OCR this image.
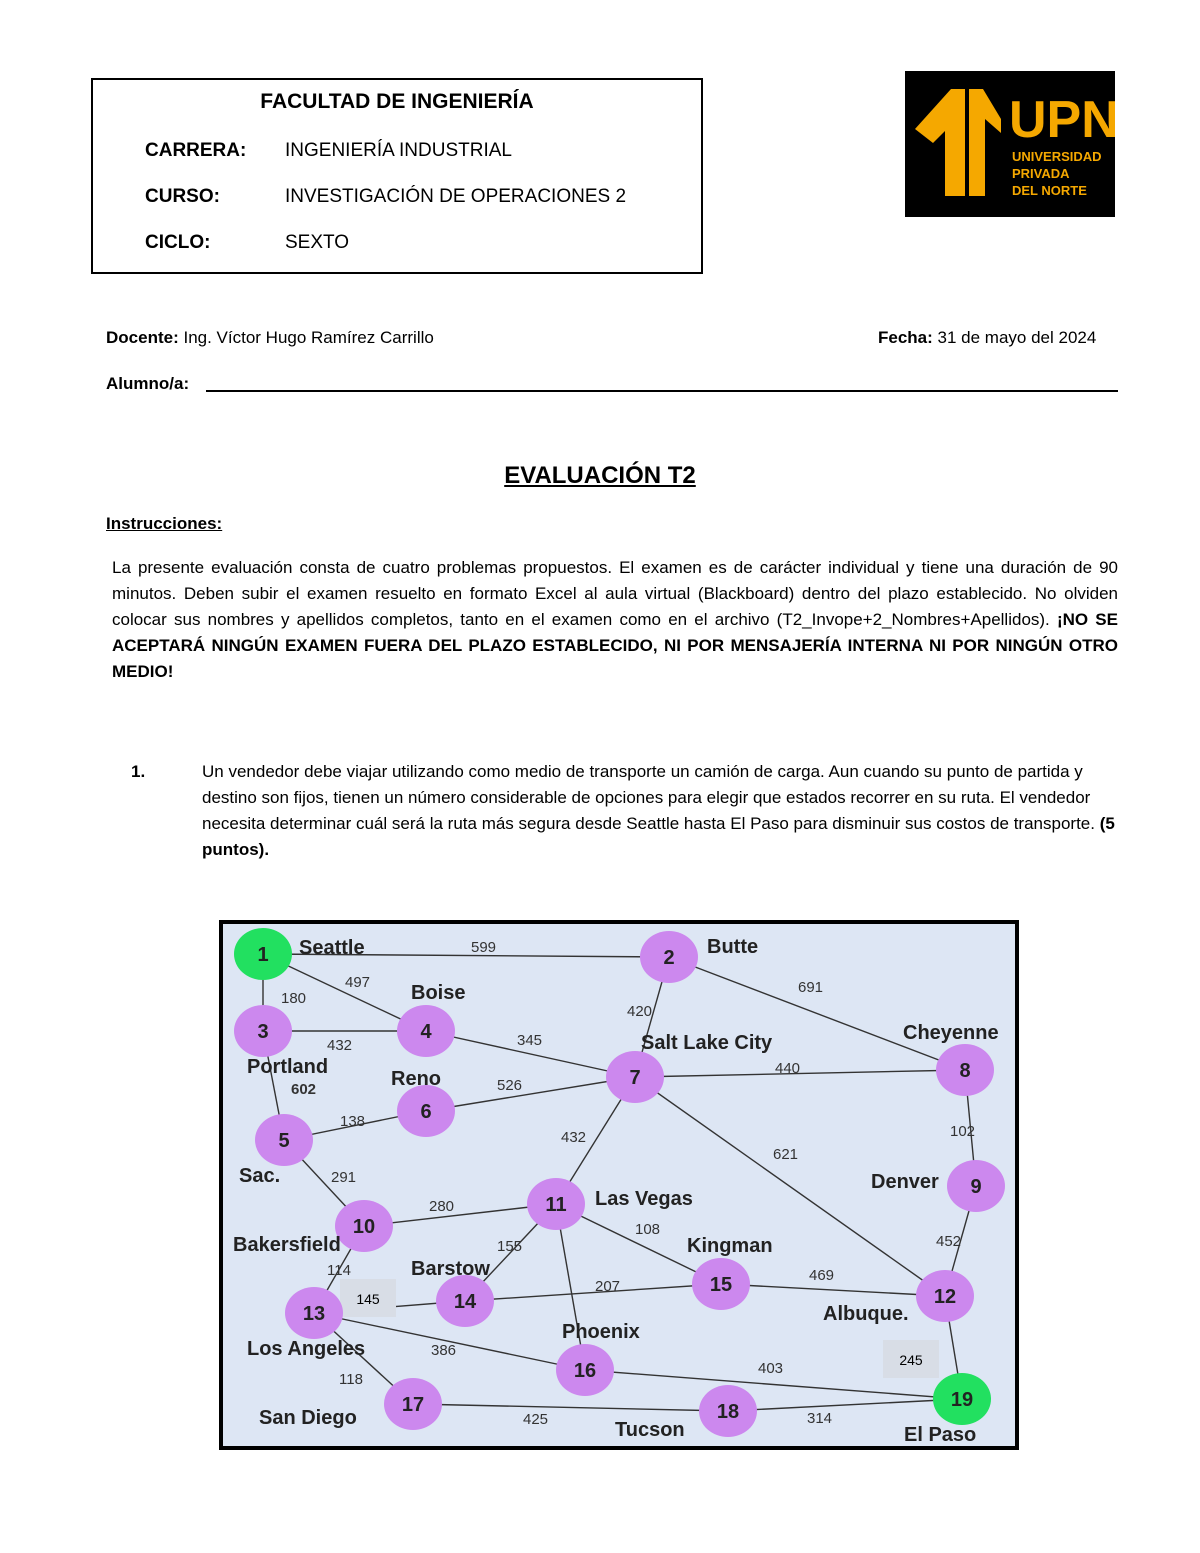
FACULTAD DE INGENIERÍA
CARRERA: INGENIERÍA INDUSTRIAL
CURSO:	INVESTIGACIÓN DE OPERACIONES 2
CICLO:	SEXTO
UPN
UNIVERSIDAD
PRIVADA
DEL NORTE
Docente: Ing. Víctor Hugo Ramírez Carrillo	Fecha: 31 de mayo del 2024
Alumno/a:
EVALUACIÓN T2
Instrucciones:
La presente evaluación consta de cuatro problemas propuestos. El examen es de carácter individual y tiene una duración de 90 minutos. Deben subir el examen resuelto en formato Excel al aula virtual (Blackboard) dentro del plazo establecido. No olviden colocar sus nombres y apellidos completos, tanto en el examen como en el archivo (T2_Invope+2_Nombres+Apellidos). ¡NO SE ACEPTARÁ NINGÚN EXAMEN FUERA DEL PLAZO ESTABLECIDO, NI POR MENSAJERÍA INTERNA NI POR NINGÚN OTRO MEDIO!
1.	Un vendedor debe viajar utilizando como medio de transporte un camión de carga. Aun cuando su punto de partida y destino son fijos, tienen un número considerable de opciones para elegir que estados recorrer en su ruta. El vendedor necesita determinar cuál será la ruta más segura desde Seattle hasta El Paso para disminuir sus costos de transporte. (5 puntos).
599
180
497
432
602
420
691
345
526
138
440
102
621
432
291
280
108
155	452
114
145
207
469
245
386
118
403
425	314
1 Seattle	2 Butte
3
Portland
4
Boise
5
Sac.
6
Reno	7
Salt Lake City
8
Cheyenne
9
Denver
10
Bakersfield
11 Las Vegas
12
Albuque.
13
Los Angeles
14
Barstow
15
Kingman
16
Phoenix
17
San Diego	18
Tucson
19
El Paso
